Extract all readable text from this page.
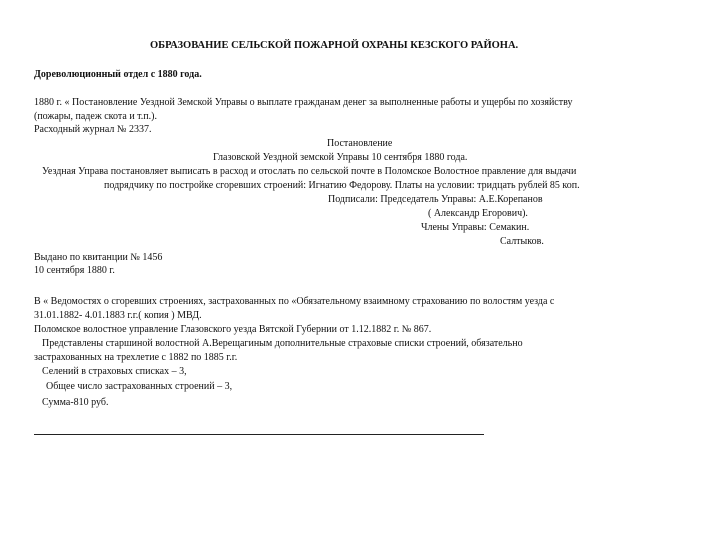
ОБРАЗОВАНИЕ СЕЛЬСКОЙ ПОЖАРНОЙ ОХРАНЫ КЕЗСКОГО РАЙОНА.
Дореволюционный отдел с 1880 года.
1880 г. « Постановление Уездной Земской Управы о выплате гражданам денег за выполненные работы и ущербы по хозяйству
(пожары, падеж скота и т.п.).
Расходный журнал № 2337.
Постановление
Глазовской Уездной земской Управы 10 сентября 1880 года.
Уездная Управа постановляет выписать в расход и отослать по сельской почте в Поломское Волостное правление для выдачи
подрядчику по постройке сгоревших строений: Игнатию Федорову. Платы на условии: тридцать рублей 85 коп.
Подписали: Председатель Управы: А.Е.Корепанов
( Александр Егорович).
Члены Управы: Семакин.
Салтыков.
Выдано по квитанции № 1456
10 сентября 1880 г.
В « Ведомостях о сгоревших строениях, застрахованных по «Обязательному взаимному страхованию по волостям уезда с
31.01.1882- 4.01.1883 г.г.( копия ) МВД.
Поломское волостное управление Глазовского уезда Вятской Губернии от 1.12.1882 г. № 867.
Представлены старшиной волостной А.Верещагиным дополнительные страховые списки строений, обязательно
застрахованных на трехлетие с 1882 по 1885 г.г.
Селений в страховых списках – 3,
Общее число застрахованных строений – 3,
Сумма-810 руб.
